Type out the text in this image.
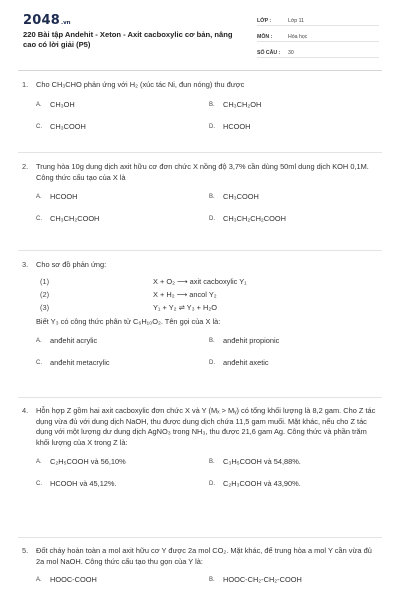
2048.vn
220 Bài tập Andehit - Xeton - Axit cacboxylic cơ bản, nâng cao có lời giải (P5)
LỚP :	Lớp 11
MÔN :	Hóa học
SỐ CÂU :	30
1.	Cho CH₃CHO phản ứng với H₂ (xúc tác Ni, đun nóng) thu được
A.	CH₃OH	B.	CH₃CH₂OH
C.	CH₃COOH	D.	HCOOH
2.	Trung hòa 10g dung dịch axit hữu cơ đơn chức X nồng độ 3,7% cần dùng 50ml dung dịch KOH 0,1M. Công thức cấu tạo của X là
A.	HCOOH	B.	CH₃COOH
C.	CH₃CH₂COOH	D.	CH₃CH₂CH₂COOH
3.	Cho sơ đồ phản ứng:
(1)	X + O₂ ⟶ axit cacboxylic Y₁
(2)	X + H₂ ⟶ ancol Y₂
(3)	Y₁ + Y₂ ⇌ Y₃ + H₂O
Biết Y₃ có công thức phân tử C₆H₁₀O₂. Tên gọi của X là:
A.	anđehit acrylic	B.	anđehit propionic
C.	anđehit metacrylic	D.	anđehit axetic
4.	Hỗn hợp Z gồm hai axit cacboxylic đơn chức X và Y (Mₓ > Mᵧ) có tổng khối lượng là 8,2 gam. Cho Z tác dụng vừa đủ với dung dịch NaOH, thu được dung dịch chứa 11,5 gam muối. Mặt khác, nếu cho Z tác dụng với một lượng dư dung dịch AgNO₃ trong NH₃, thu được 21,6 gam Ag. Công thức và phần trăm khối lượng của X trong Z là:
A.	C₂H₅COOH và 56,10%	B.	C₃H₅COOH và 54,88%.
C.	HCOOH và 45,12%.	D.	C₂H₃COOH và 43,90%.
5.	Đốt cháy hoàn toàn a mol axit hữu cơ Y được 2a mol CO₂. Mặt khác, để trung hòa a mol Y cần vừa đủ 2a mol NaOH. Công thức cấu tạo thu gọn của Y là:
A.	HOOC-COOH	B.	HOOC-CH₂-CH₂-COOH
